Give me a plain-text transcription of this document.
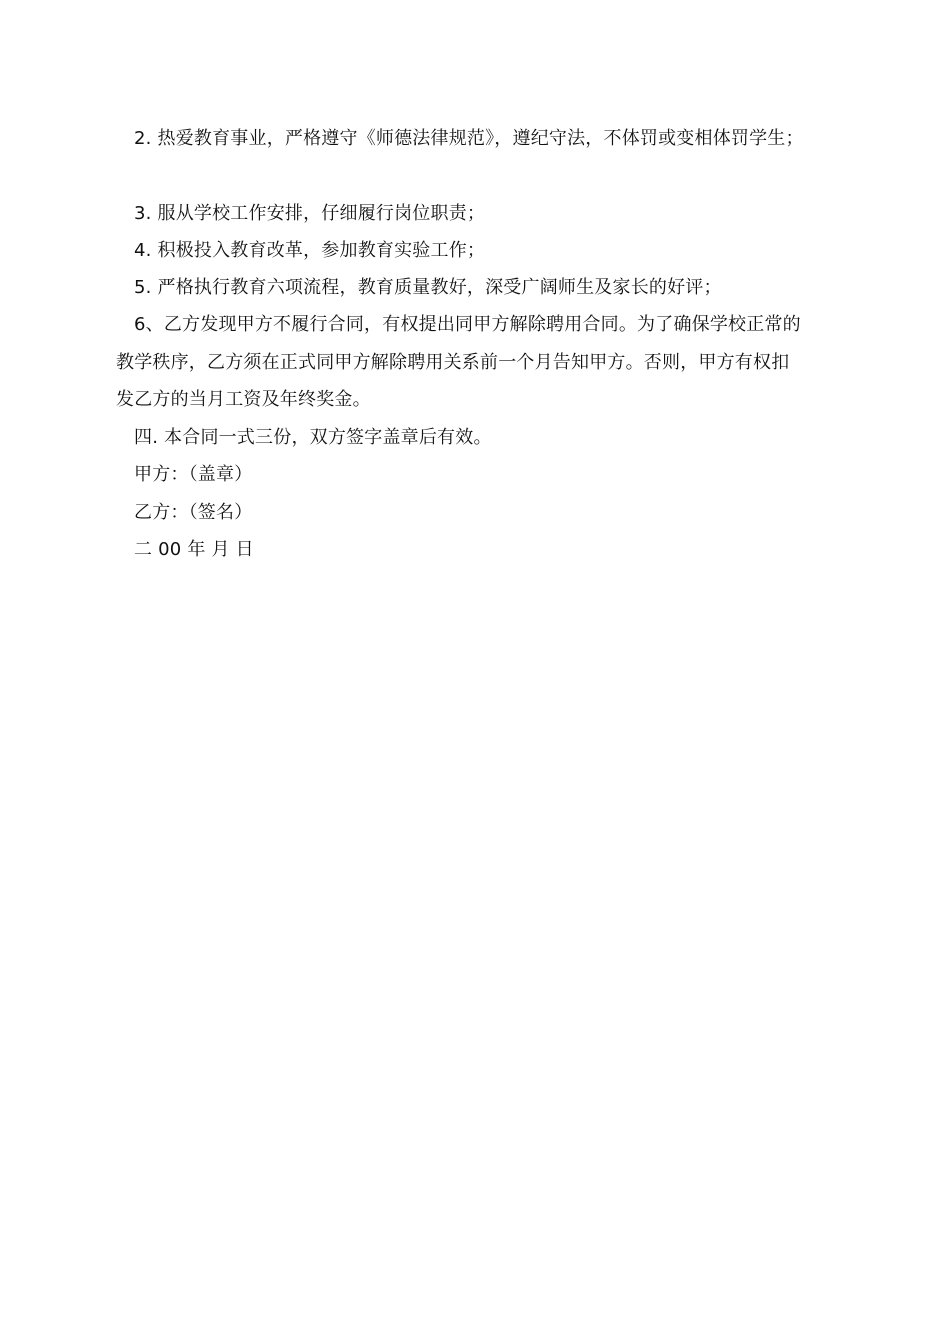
2. 热爱教育事业，严格遵守《师德法律规范》，遵纪守法，不体罚或变相体罚学生；
3. 服从学校工作安排，仔细履行岗位职责；
4. 积极投入教育改革，参加教育实验工作；
5. 严格执行教育六项流程，教育质量教好，深受广阔师生及家长的好评；
6、乙方发现甲方不履行合同，有权提出同甲方解除聘用合同。为了确保学校正常的
教学秩序，乙方须在正式同甲方解除聘用关系前一个月告知甲方。否则，甲方有权扣
发乙方的当月工资及年终奖金。
四. 本合同一式三份，双方签字盖章后有效。
甲方：（盖章）
乙方：（签名）
二 00 年 月 日
